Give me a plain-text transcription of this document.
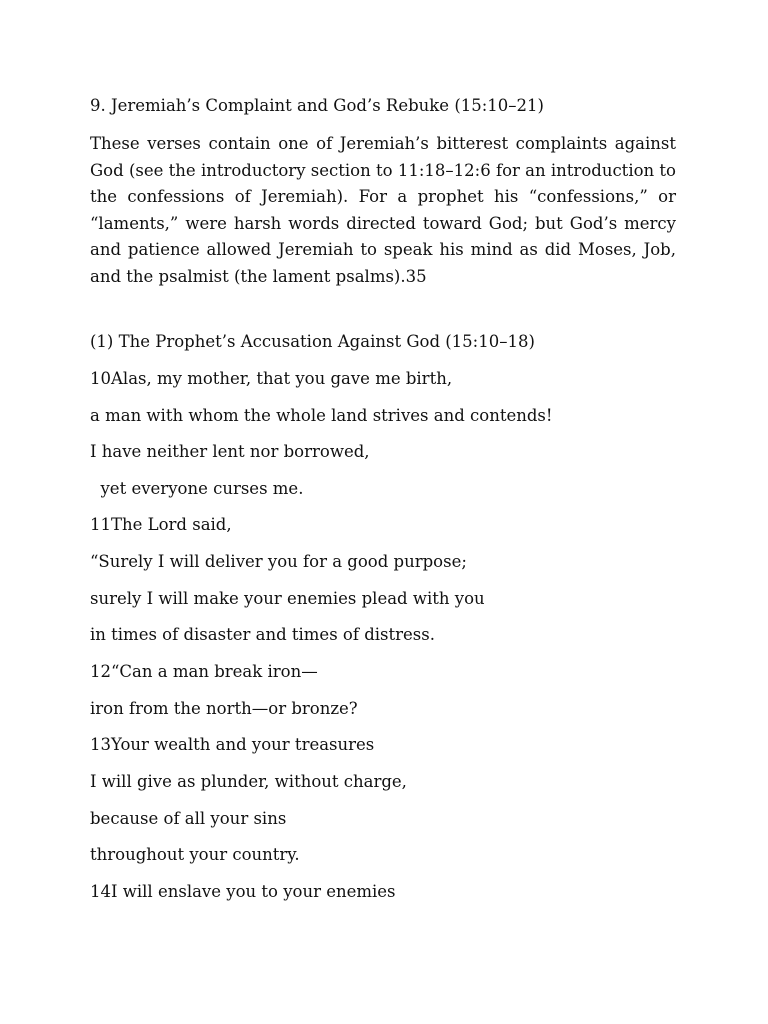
9. Jeremiah’s Complaint and God’s Rebuke (15:10–21)

These verses contain one of Jeremiah’s bitterest complaints against God (see the introductory section to 11:18–12:6 for an introduction to the confessions of Jeremiah). For a prophet his “confessions,” or “laments,” were harsh words directed toward God; but God’s mercy and patience allowed Jeremiah to speak his mind as did Moses, Job, and the psalmist (the lament psalms).35

(1) The Prophet’s Accusation Against God (15:10–18)
10Alas, my mother, that you gave me birth,
a man with whom the whole land strives and contends!
I have neither lent nor borrowed,
yet everyone curses me.
11The Lord said,
“Surely I will deliver you for a good purpose;
surely I will make your enemies plead with you
in times of disaster and times of distress.
12“Can a man break iron—
iron from the north—or bronze?
13Your wealth and your treasures
I will give as plunder, without charge,
because of all your sins
throughout your country.
14I will enslave you to your enemies
